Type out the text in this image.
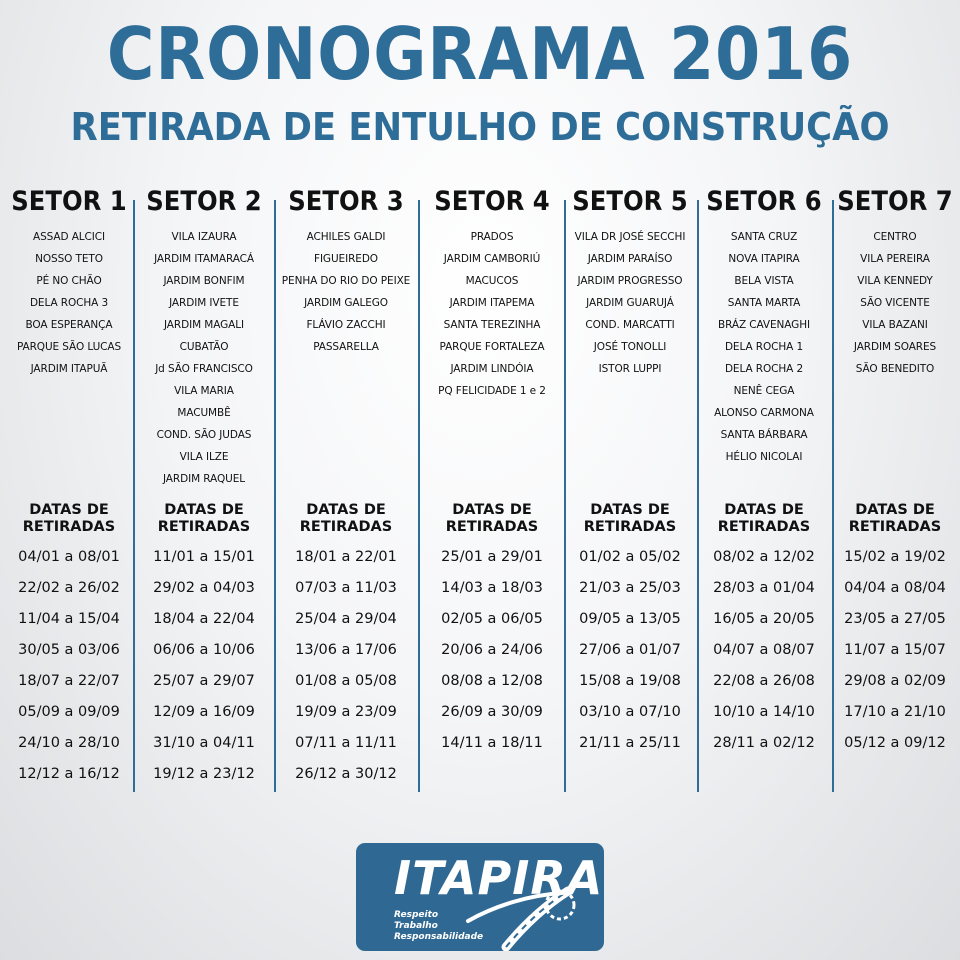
CRONOGRAMA 2016
RETIRADA DE ENTULHO DE CONSTRUÇÃO
SETOR 1
ASSAD ALCICI
NOSSO TETO
PÉ NO CHÃO
DELA ROCHA 3
BOA ESPERANÇA
PARQUE SÃO LUCAS
JARDIM ITAPUÃ
DATAS DE
RETIRADAS
04/01 a 08/01
22/02 a 26/02
11/04 a 15/04
30/05 a 03/06
18/07 a 22/07
05/09 a 09/09
24/10 a 28/10
12/12 a 16/12
SETOR 2
VILA IZAURA
JARDIM ITAMARACÁ
JARDIM BONFIM
JARDIM IVETE
JARDIM MAGALI
CUBATÃO
Jd SÃO FRANCISCO
VILA MARIA
MACUMBÊ
COND. SÃO JUDAS
VILA ILZE
JARDIM RAQUEL
DATAS DE
RETIRADAS
11/01 a 15/01
29/02 a 04/03
18/04 a 22/04
06/06 a 10/06
25/07 a 29/07
12/09 a 16/09
31/10 a 04/11
19/12 a 23/12
SETOR 3
ACHILES GALDI
FIGUEIREDO
PENHA DO RIO DO PEIXE
JARDIM GALEGO
FLÁVIO ZACCHI
PASSARELLA
DATAS DE
RETIRADAS
18/01 a 22/01
07/03 a 11/03
25/04 a 29/04
13/06 a 17/06
01/08 a 05/08
19/09 a 23/09
07/11 a 11/11
26/12 a 30/12
SETOR 4
PRADOS
JARDIM CAMBORIÚ
MACUCOS
JARDIM ITAPEMA
SANTA TEREZINHA
PARQUE FORTALEZA
JARDIM LINDÓIA
PQ FELICIDADE 1 e 2
DATAS DE
RETIRADAS
25/01 a 29/01
14/03 a 18/03
02/05 a 06/05
20/06 a 24/06
08/08 a 12/08
26/09 a 30/09
14/11 a 18/11
SETOR 5
VILA DR JOSÉ SECCHI
JARDIM PARAÍSO
JARDIM PROGRESSO
JARDIM GUARUJÁ
COND. MARCATTI
JOSÉ TONOLLI
ISTOR LUPPI
DATAS DE
RETIRADAS
01/02 a 05/02
21/03 a 25/03
09/05 a 13/05
27/06 a 01/07
15/08 a 19/08
03/10 a 07/10
21/11 a 25/11
SETOR 6
SANTA CRUZ
NOVA ITAPIRA
BELA VISTA
SANTA MARTA
BRÁZ CAVENAGHI
DELA ROCHA 1
DELA ROCHA 2
NENÊ CEGA
ALONSO CARMONA
SANTA BÁRBARA
HÉLIO NICOLAI
DATAS DE
RETIRADAS
08/02 a 12/02
28/03 a 01/04
16/05 a 20/05
04/07 a 08/07
22/08 a 26/08
10/10 a 14/10
28/11 a 02/12
SETOR 7
CENTRO
VILA PEREIRA
VILA KENNEDY
SÃO VICENTE
VILA BAZANI
JARDIM SOARES
SÃO BENEDITO
DATAS DE
RETIRADAS
15/02 a 19/02
04/04 a 08/04
23/05 a 27/05
11/07 a 15/07
29/08 a 02/09
17/10 a 21/10
05/12 a 09/12
ITAPIRA
Respeito
Trabalho
Responsabilidade
